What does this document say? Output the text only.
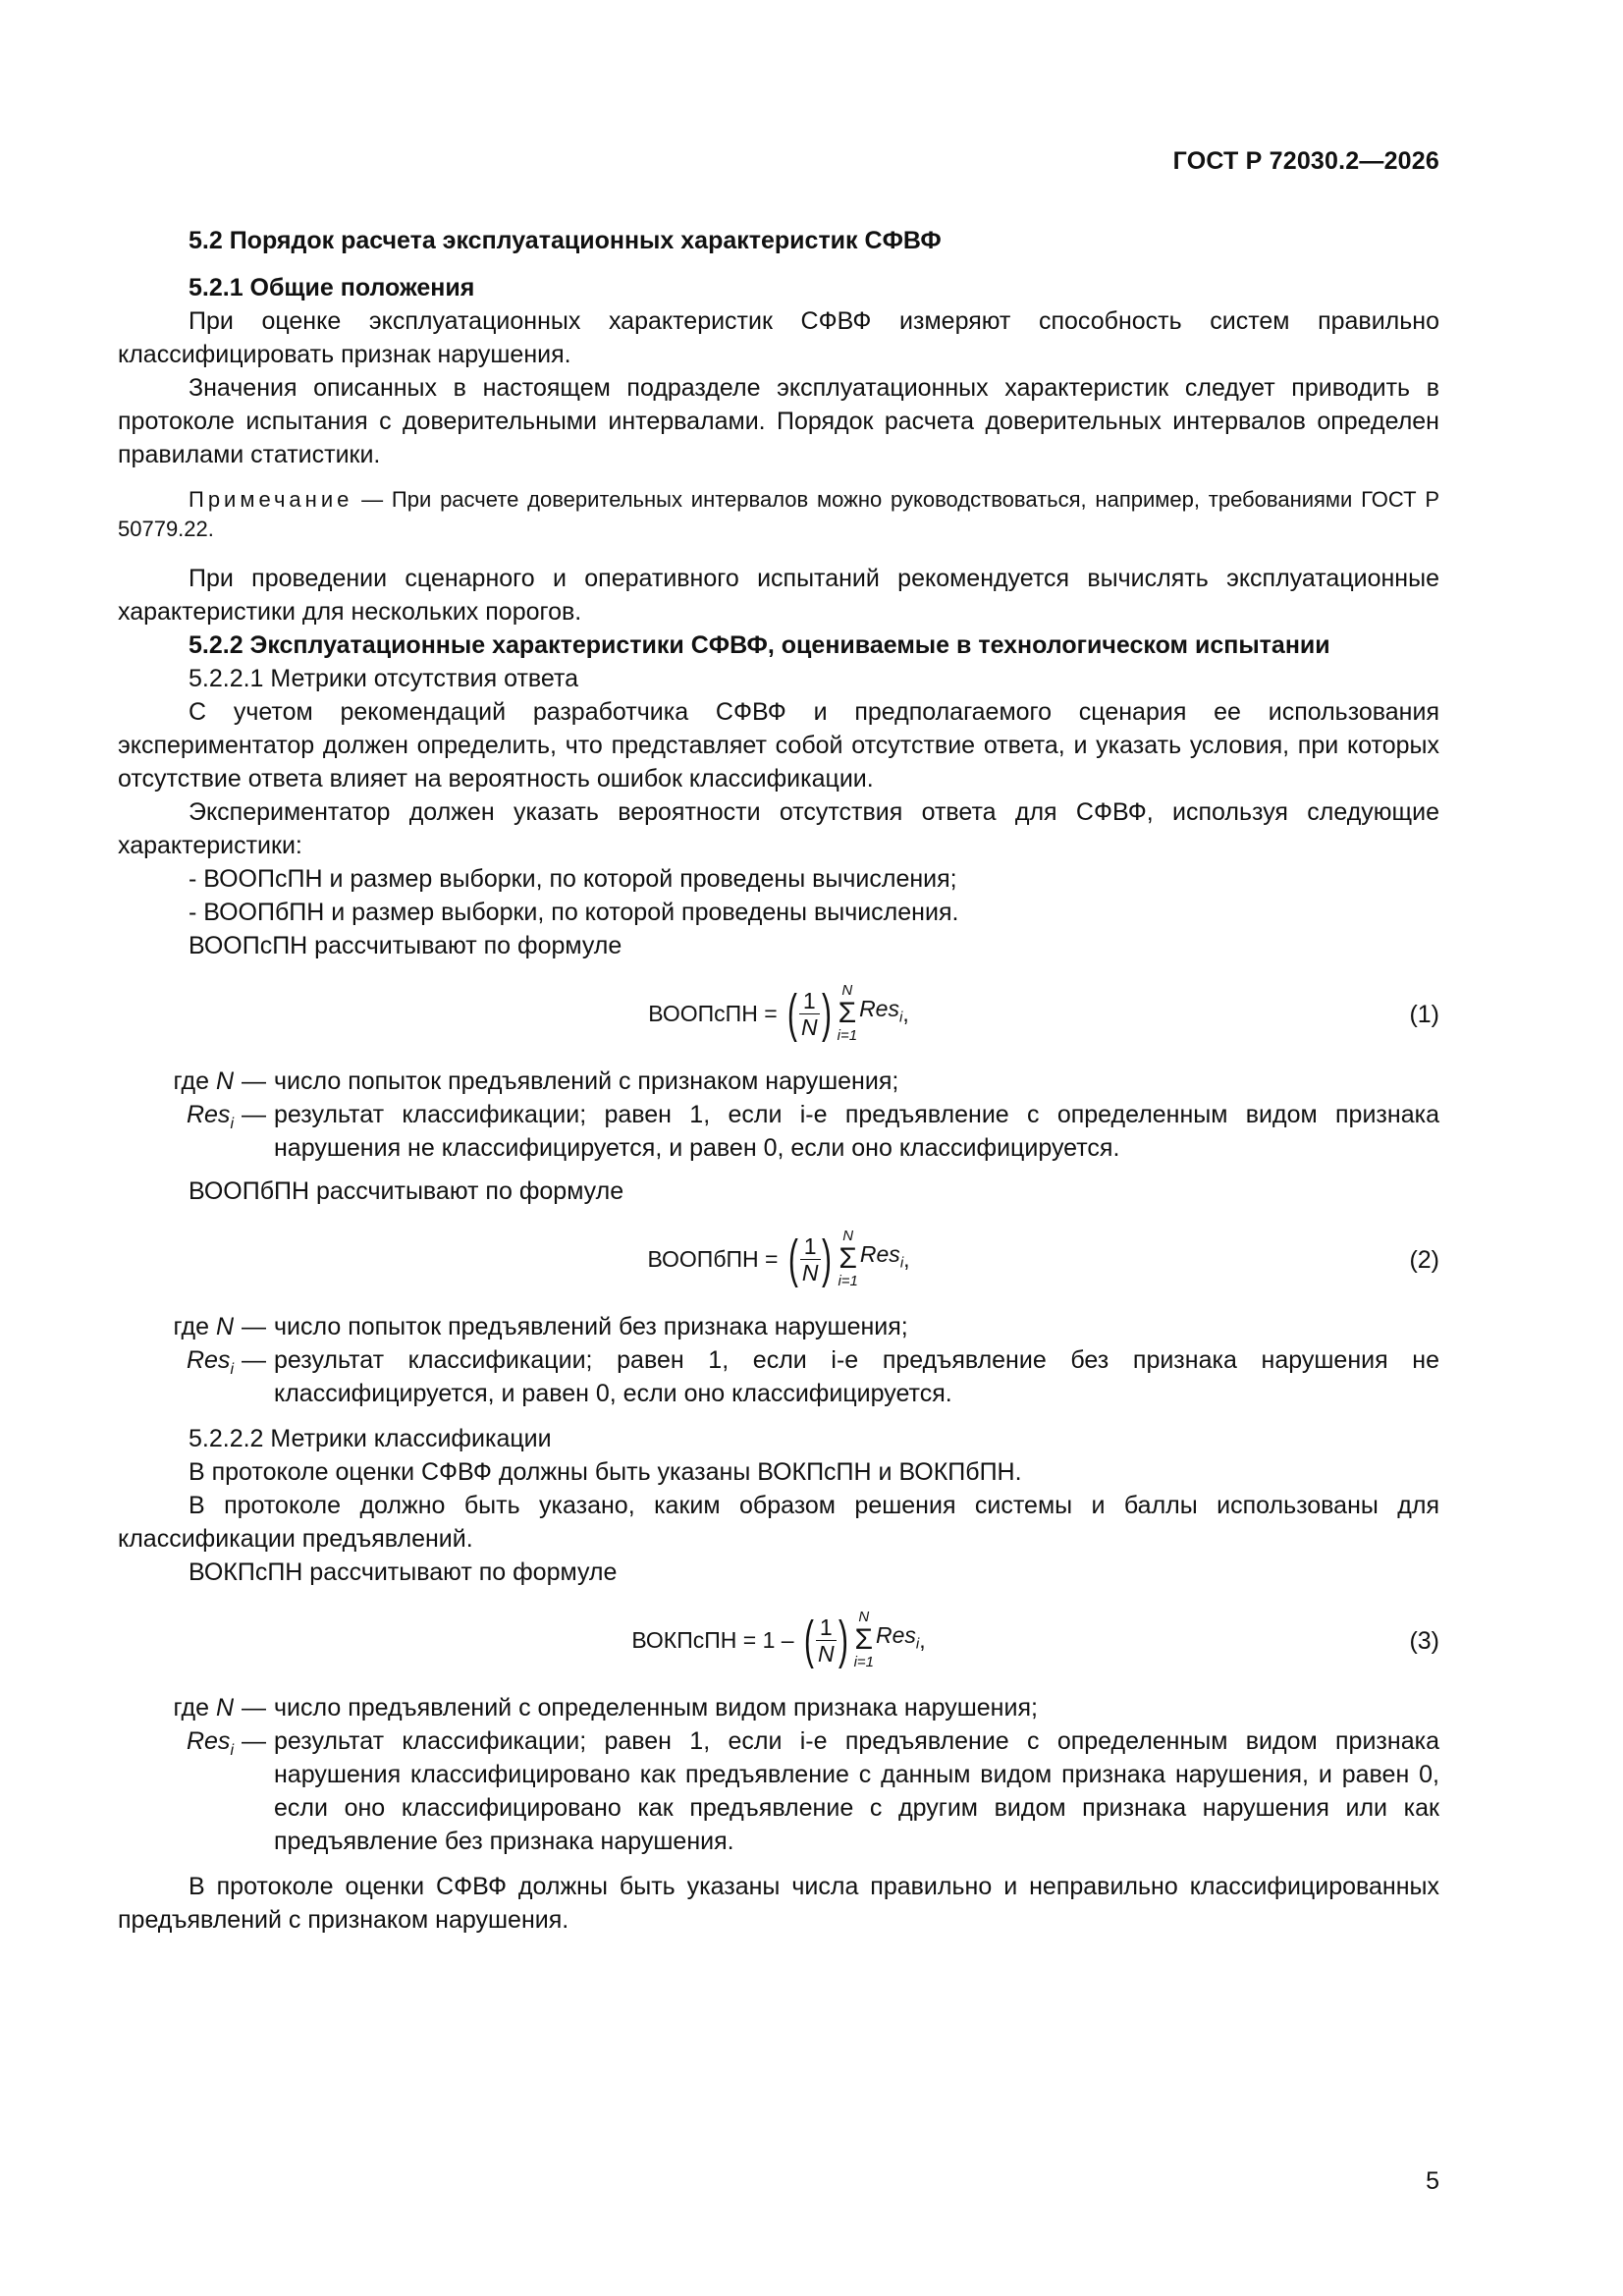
ГОСТ Р 72030.2—2026

5.2 Порядок расчета эксплуатационных характеристик СФВФ

5.2.1 Общие положения

При оценке эксплуатационных характеристик СФВФ измеряют способность систем правильно классифицировать признак нарушения.

Значения описанных в настоящем подразделе эксплуатационных характеристик следует приводить в протоколе испытания с доверительными интервалами. Порядок расчета доверительных интервалов определен правилами статистики.

Примечание — При расчете доверительных интервалов можно руководствоваться, например, требованиями ГОСТ Р 50779.22.

При проведении сценарного и оперативного испытаний рекомендуется вычислять эксплуатационные характеристики для нескольких порогов.

5.2.2 Эксплуатационные характеристики СФВФ, оцениваемые в технологическом испытании

5.2.2.1 Метрики отсутствия ответа

С учетом рекомендаций разработчика СФВФ и предполагаемого сценария ее использования экспериментатор должен определить, что представляет собой отсутствие ответа, и указать условия, при которых отсутствие ответа влияет на вероятность ошибок классификации.

Экспериментатор должен указать вероятности отсутствия ответа для СФВФ, используя следующие характеристики:

- ВООПсПН и размер выборки, по которой проведены вычисления;

- ВООПбПН и размер выборки, по которой проведены вычисления.

ВООПсПН рассчитывают по формуле

ВООПсПН =
( $\frac{1}{N}$ ) N
Σ
i=1
Res$_i$ ,	(1)
где N — число попыток предъявлений с признаком нарушения;
Res$_i$ — результат классификации; равен 1, если i-е предъявление с определенным видом признака нарушения не классифицируется, и равен 0, если оно классифицируется.

ВООПбПН рассчитывают по формуле

ВООПбПН =
( $\frac{1}{N}$ ) N
Σ
i=1
Res$_i$ ,	(2)
где N — число попыток предъявлений без признака нарушения;
Res$_i$ — результат классификации; равен 1, если i-е предъявление без признака нарушения не классифицируется, и равен 0, если оно классифицируется.

5.2.2.2 Метрики классификации

В протоколе оценки СФВФ должны быть указаны ВОКПсПН и ВОКПбПН.

В протоколе должно быть указано, каким образом решения системы и баллы использованы для классификации предъявлений.

ВОКПсПН рассчитывают по формуле

ВОКПсПН = 1 –
( $\frac{1}{N}$ ) N
Σ
i=1
Res$_i$ ,	(3)
где N — число предъявлений с определенным видом признака нарушения;
Res$_i$ — результат классификации; равен 1, если i-е предъявление с определенным видом признака нарушения классифицировано как предъявление с данным видом признака нарушения, и равен 0, если оно классифицировано как предъявление с другим видом признака нарушения или как предъявление без признака нарушения.

В протоколе оценки СФВФ должны быть указаны числа правильно и неправильно классифицированных предъявлений с признаком нарушения.

5
